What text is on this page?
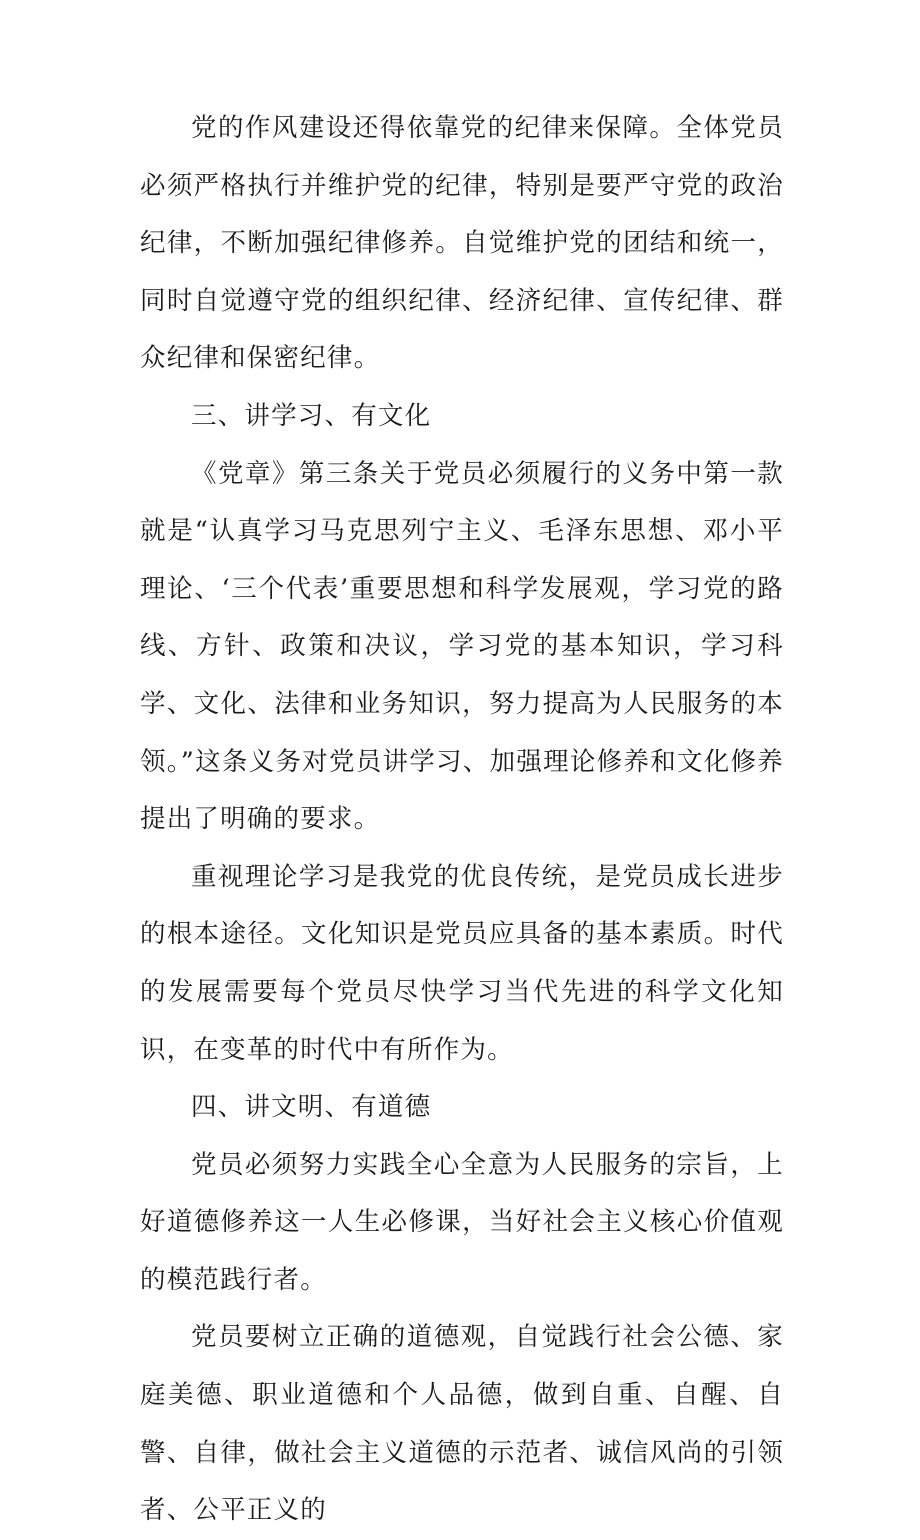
党的作风建设还得依靠党的纪律来保障。全体党员必须严格执行并维护党的纪律，特别是要严守党的政治纪律，不断加强纪律修养。自觉维护党的团结和统一，同时自觉遵守党的组织纪律、经济纪律、宣传纪律、群众纪律和保密纪律。

三、讲学习、有文化

《党章》第三条关于党员必须履行的义务中第一款就是“认真学习马克思列宁主义、毛泽东思想、邓小平理论、‘三个代表’重要思想和科学发展观，学习党的路线、方针、政策和决议，学习党的基本知识，学习科学、文化、法律和业务知识，努力提高为人民服务的本领。”这条义务对党员讲学习、加强理论修养和文化修养提出了明确的要求。

重视理论学习是我党的优良传统，是党员成长进步的根本途径。文化知识是党员应具备的基本素质。时代的发展需要每个党员尽快学习当代先进的科学文化知识，在变革的时代中有所作为。

四、讲文明、有道德

党员必须努力实践全心全意为人民服务的宗旨，上好道德修养这一人生必修课，当好社会主义核心价值观的模范践行者。

党员要树立正确的道德观，自觉践行社会公德、家庭美德、职业道德和个人品德，做到自重、自醒、自警、自律，做社会主义道德的示范者、诚信风尚的引领者、公平正义的
